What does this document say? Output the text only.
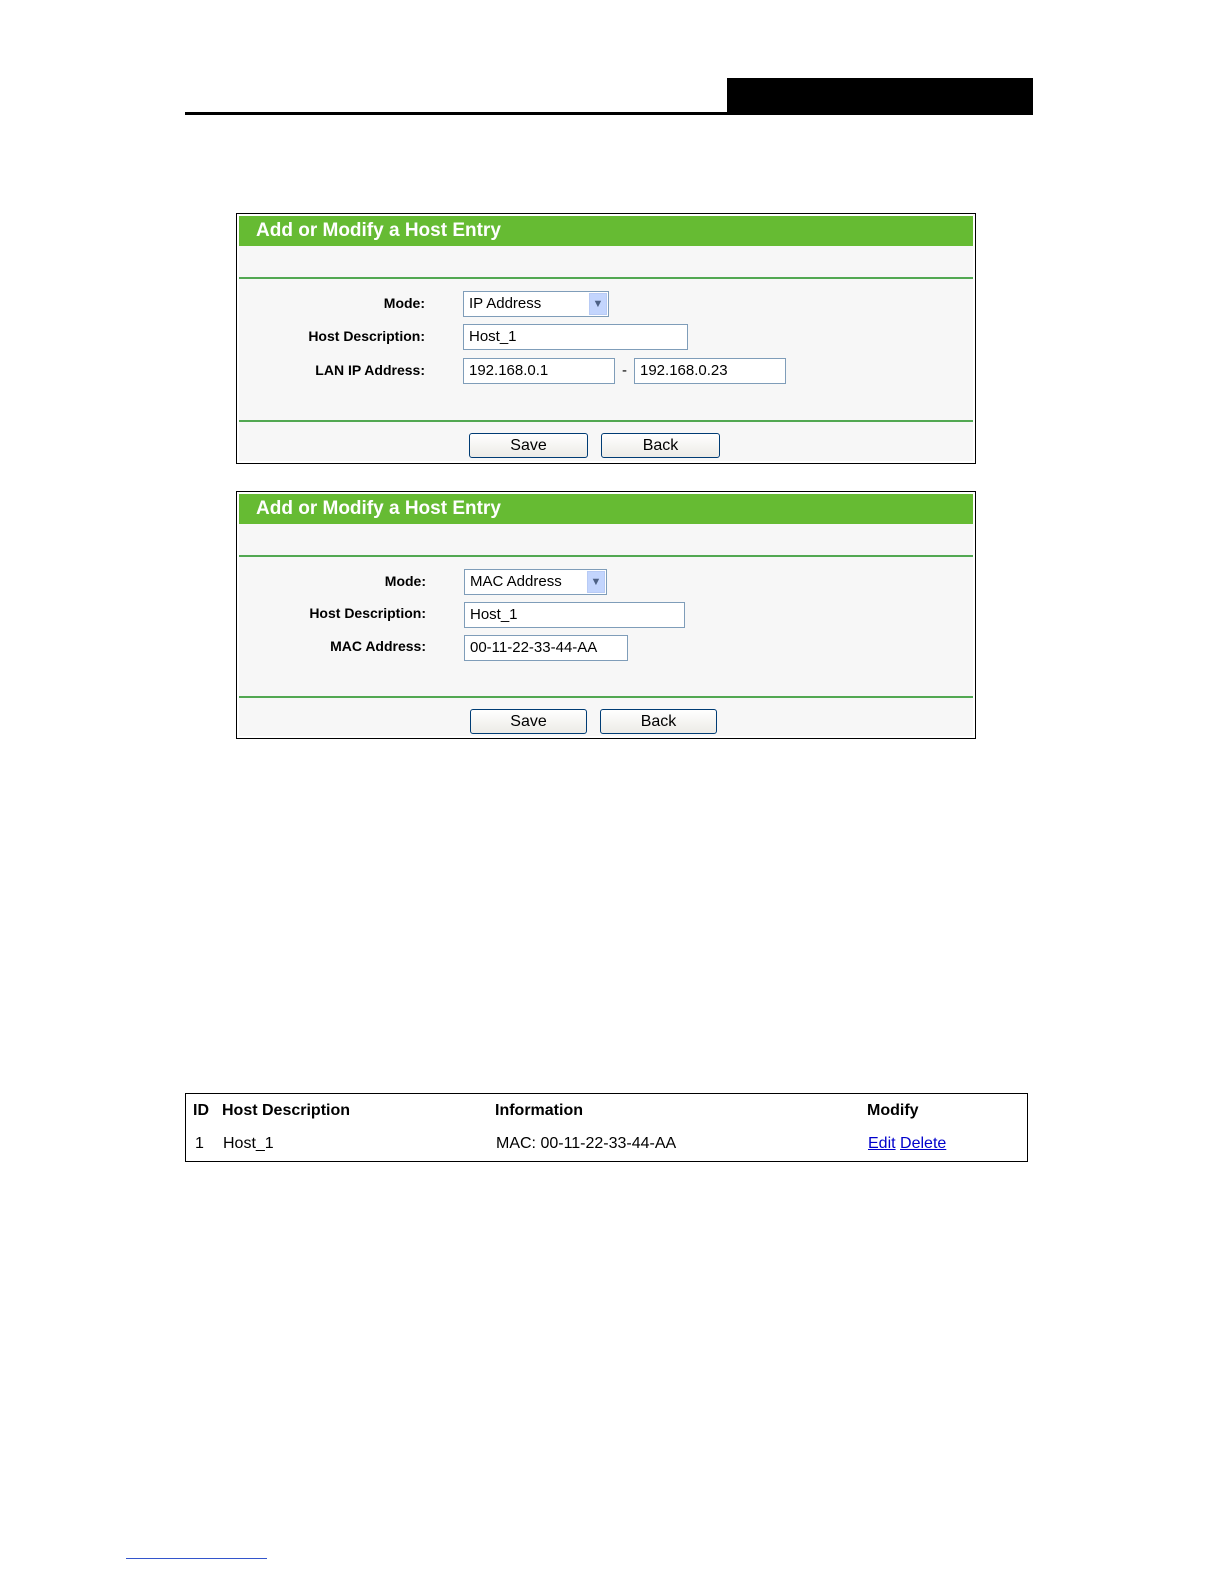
Add or Modify a Host Entry
Mode:	IP Address	▼
Host Description:	Host_1
LAN IP Address:	192.168.0.1	- 192.168.0.23
Save	Back
Add or Modify a Host Entry
Mode:	MAC Address	▼
Host Description:	Host_1
MAC Address:	00-11-22-33-44-AA
Save	Back
ID Host Description	Information	Modify
1 Host_1	MAC: 00-11-22-33-44-AA	Edit Delete
